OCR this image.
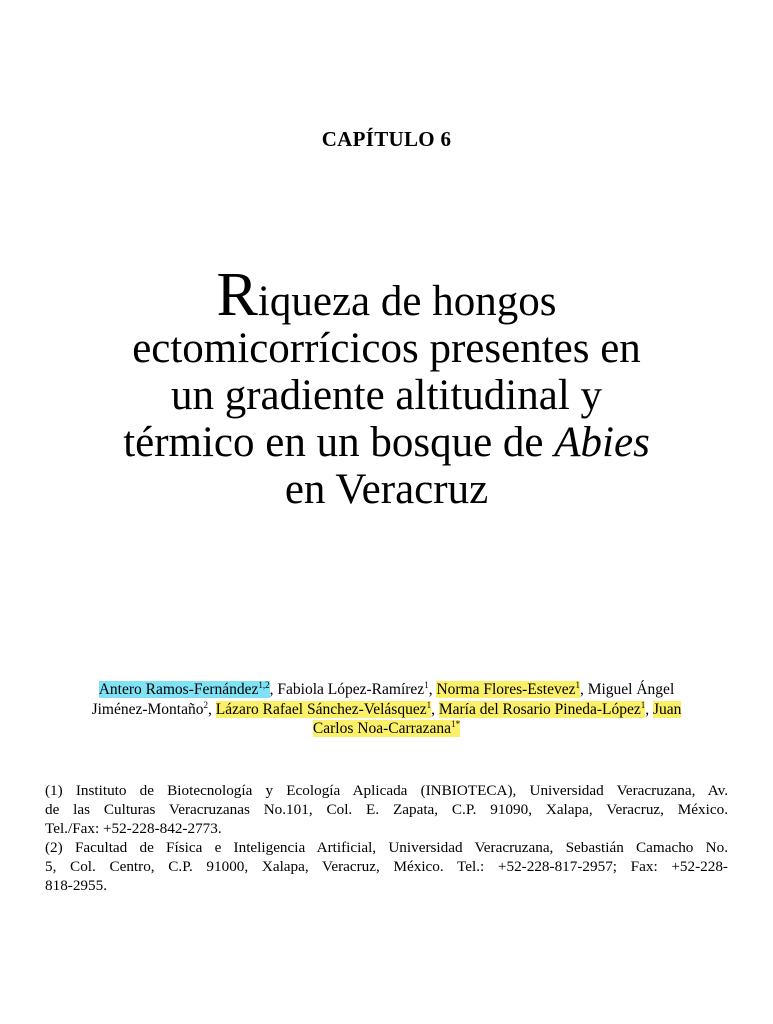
CAPÍTULO 6
Riqueza de hongos
ectomicorrícicos presentes en
un gradiente altitudinal y
térmico en un bosque de Abies
en Veracruz
Antero Ramos-Fernández$^{1,2}$, Fabiola López-Ramírez$^1$, Norma Flores-Estevez$^1$, Miguel Ángel
Jiménez-Montaño$^2$, Lázaro Rafael Sánchez-Velásquez$^1$, María del Rosario Pineda-López$^1$, Juan
Carlos Noa-Carrazana$^{1*}$
(1) Instituto de Biotecnología y Ecología Aplicada (INBIOTECA), Universidad Veracruzana, Av.
de las Culturas Veracruzanas No.101, Col. E. Zapata, C.P. 91090, Xalapa, Veracruz, México.
Tel./Fax: +52-228-842-2773.
(2) Facultad de Física e Inteligencia Artificial, Universidad Veracruzana, Sebastián Camacho No.
5, Col. Centro, C.P. 91000, Xalapa, Veracruz, México. Tel.: +52-228-817-2957; Fax: +52-228-
818-2955.
